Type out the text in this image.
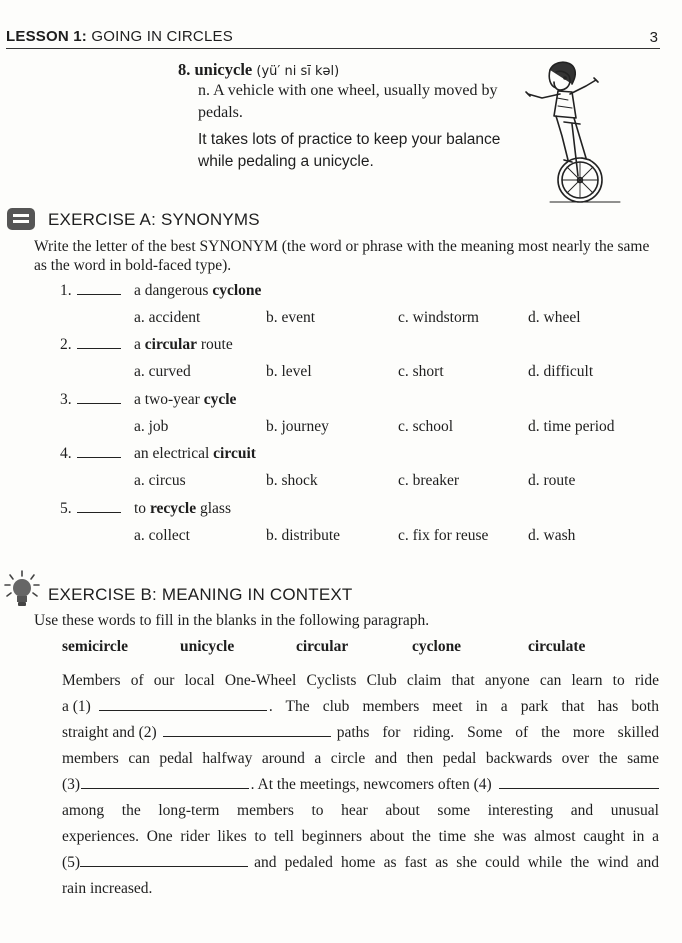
LESSON 1: GOING IN CIRCLES	3
8. unicycle (yü′ ni sī kəl)
n. A vehicle with one wheel, usually moved by pedals.
It takes lots of practice to keep your balance while pedaling a unicycle.
EXERCISE A: SYNONYMS
Write the letter of the best SYNONYM (the word or phrase with the meaning most nearly the same as the word in bold-faced type).
1.	a dangerous cyclone
a. accident	b. event	c. windstorm	d. wheel
2.	a circular route
a. curved	b. level	c. short	d. difficult
3.	a two-year cycle
a. job	b. journey	c. school	d. time period
4.	an electrical circuit
a. circus	b. shock	c. breaker	d. route
5.	to recycle glass
a. collect	b. distribute	c. fix for reuse	d. wash
EXERCISE B: MEANING IN CONTEXT
Use these words to fill in the blanks in the following paragraph.
semicircle	unicycle	circular	cyclone	circulate
Members of our local One-Wheel Cyclists Club claim that anyone can learn to ride
a (1)	. The club members meet in a park that has both
straight and (2)	paths for riding. Some of the more skilled
members can pedal halfway around a circle and then pedal backwards over the same
(3)	. At the meetings, newcomers often (4)
among the long-term members to hear about some interesting and unusual
experiences. One rider likes to tell beginners about the time she was almost caught in a
(5)	and pedaled home as fast as she could while the wind and
rain increased.
